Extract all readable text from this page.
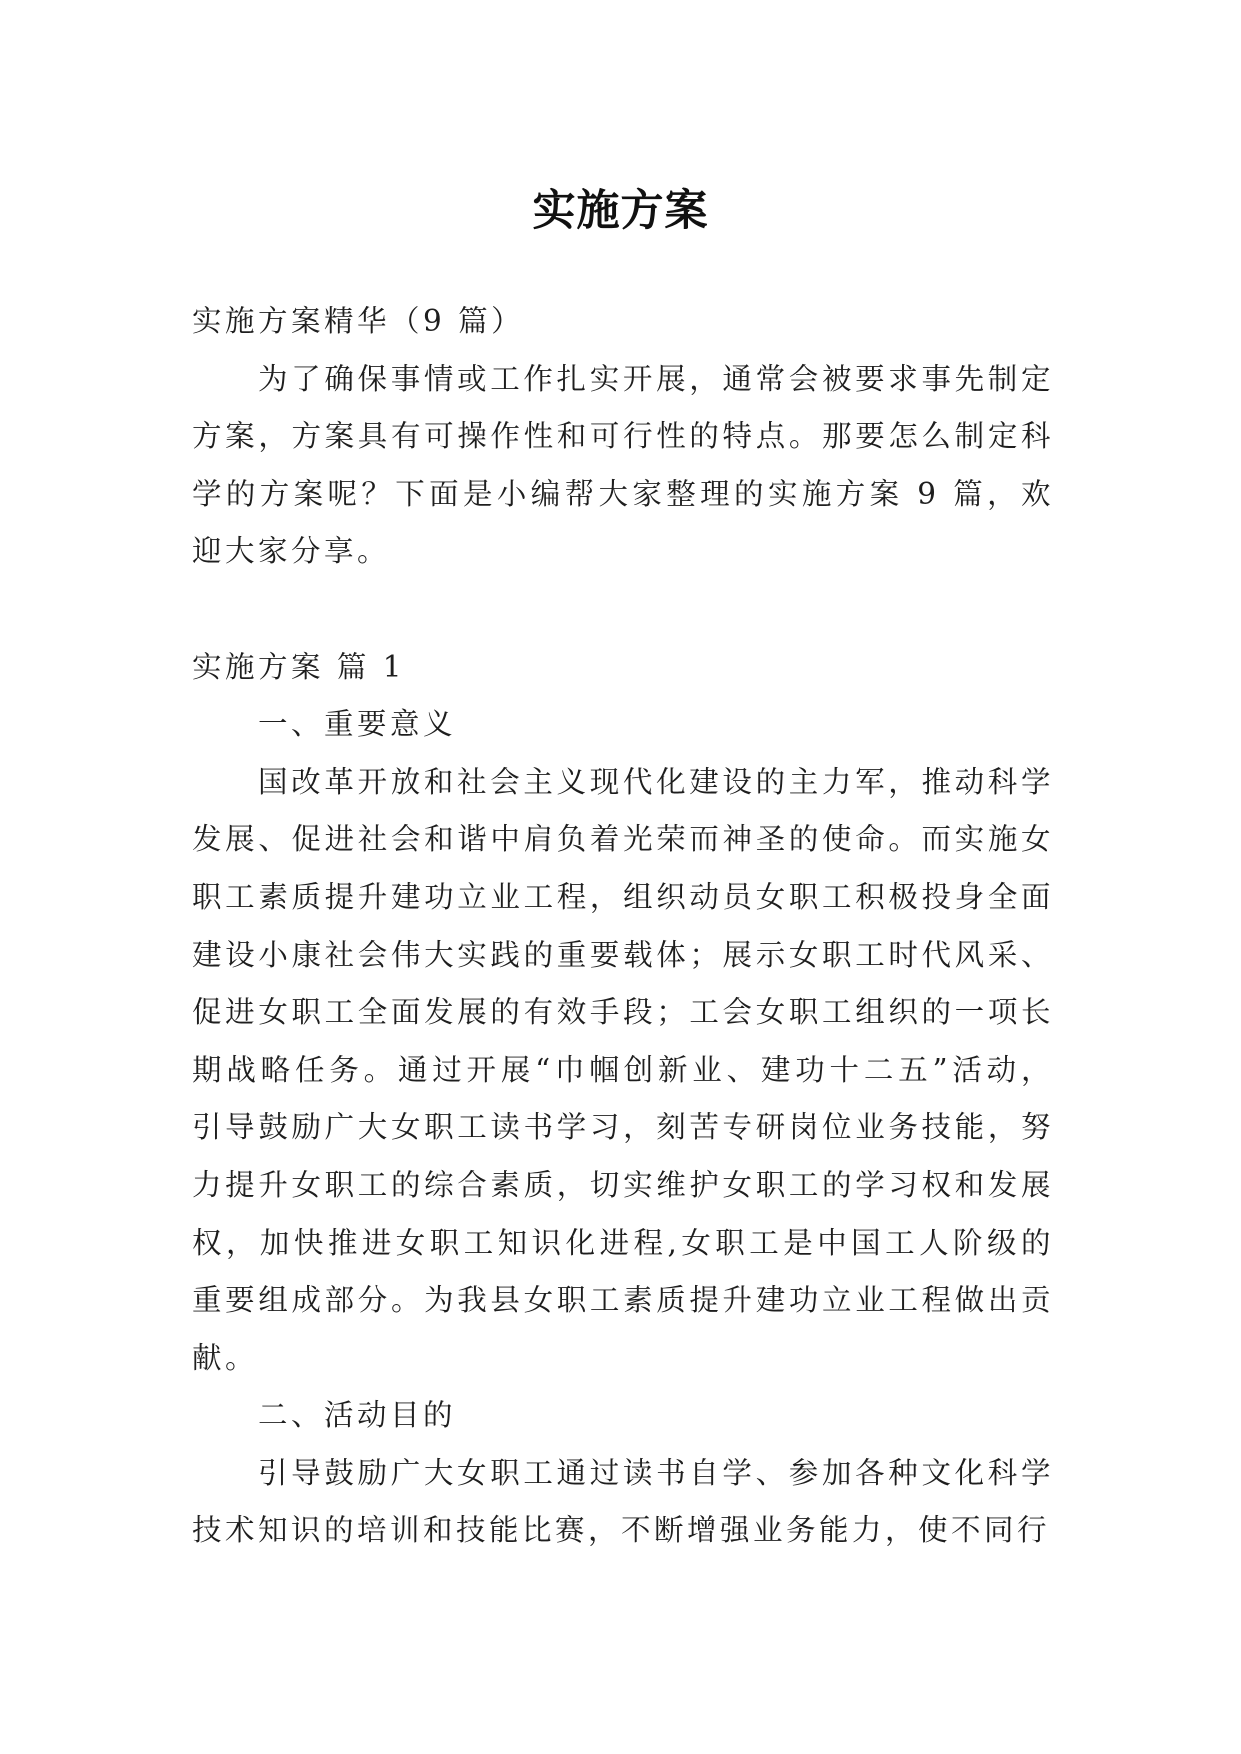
实施方案

实施方案精华（9 篇）

为了确保事情或工作扎实开展，通常会被要求事先制定方案，方案具有可操作性和可行性的特点。那要怎么制定科学的方案呢？下面是小编帮大家整理的实施方案 9 篇，欢迎大家分享。

实施方案 篇 1

一、重要意义

国改革开放和社会主义现代化建设的主力军，推动科学发展、促进社会和谐中肩负着光荣而神圣的使命。而实施女职工素质提升建功立业工程，组织动员女职工积极投身全面建设小康社会伟大实践的重要载体；展示女职工时代风采、促进女职工全面发展的有效手段；工会女职工组织的一项长期战略任务。通过开展“巾帼创新业、建功十二五”活动，引导鼓励广大女职工读书学习，刻苦专研岗位业务技能，努力提升女职工的综合素质，切实维护女职工的学习权和发展权，加快推进女职工知识化进程,女职工是中国工人阶级的重要组成部分。为我县女职工素质提升建功立业工程做出贡献。

二、活动目的

引导鼓励广大女职工通过读书自学、参加各种文化科学技术知识的培训和技能比赛，不断增强业务能力，使不同行
